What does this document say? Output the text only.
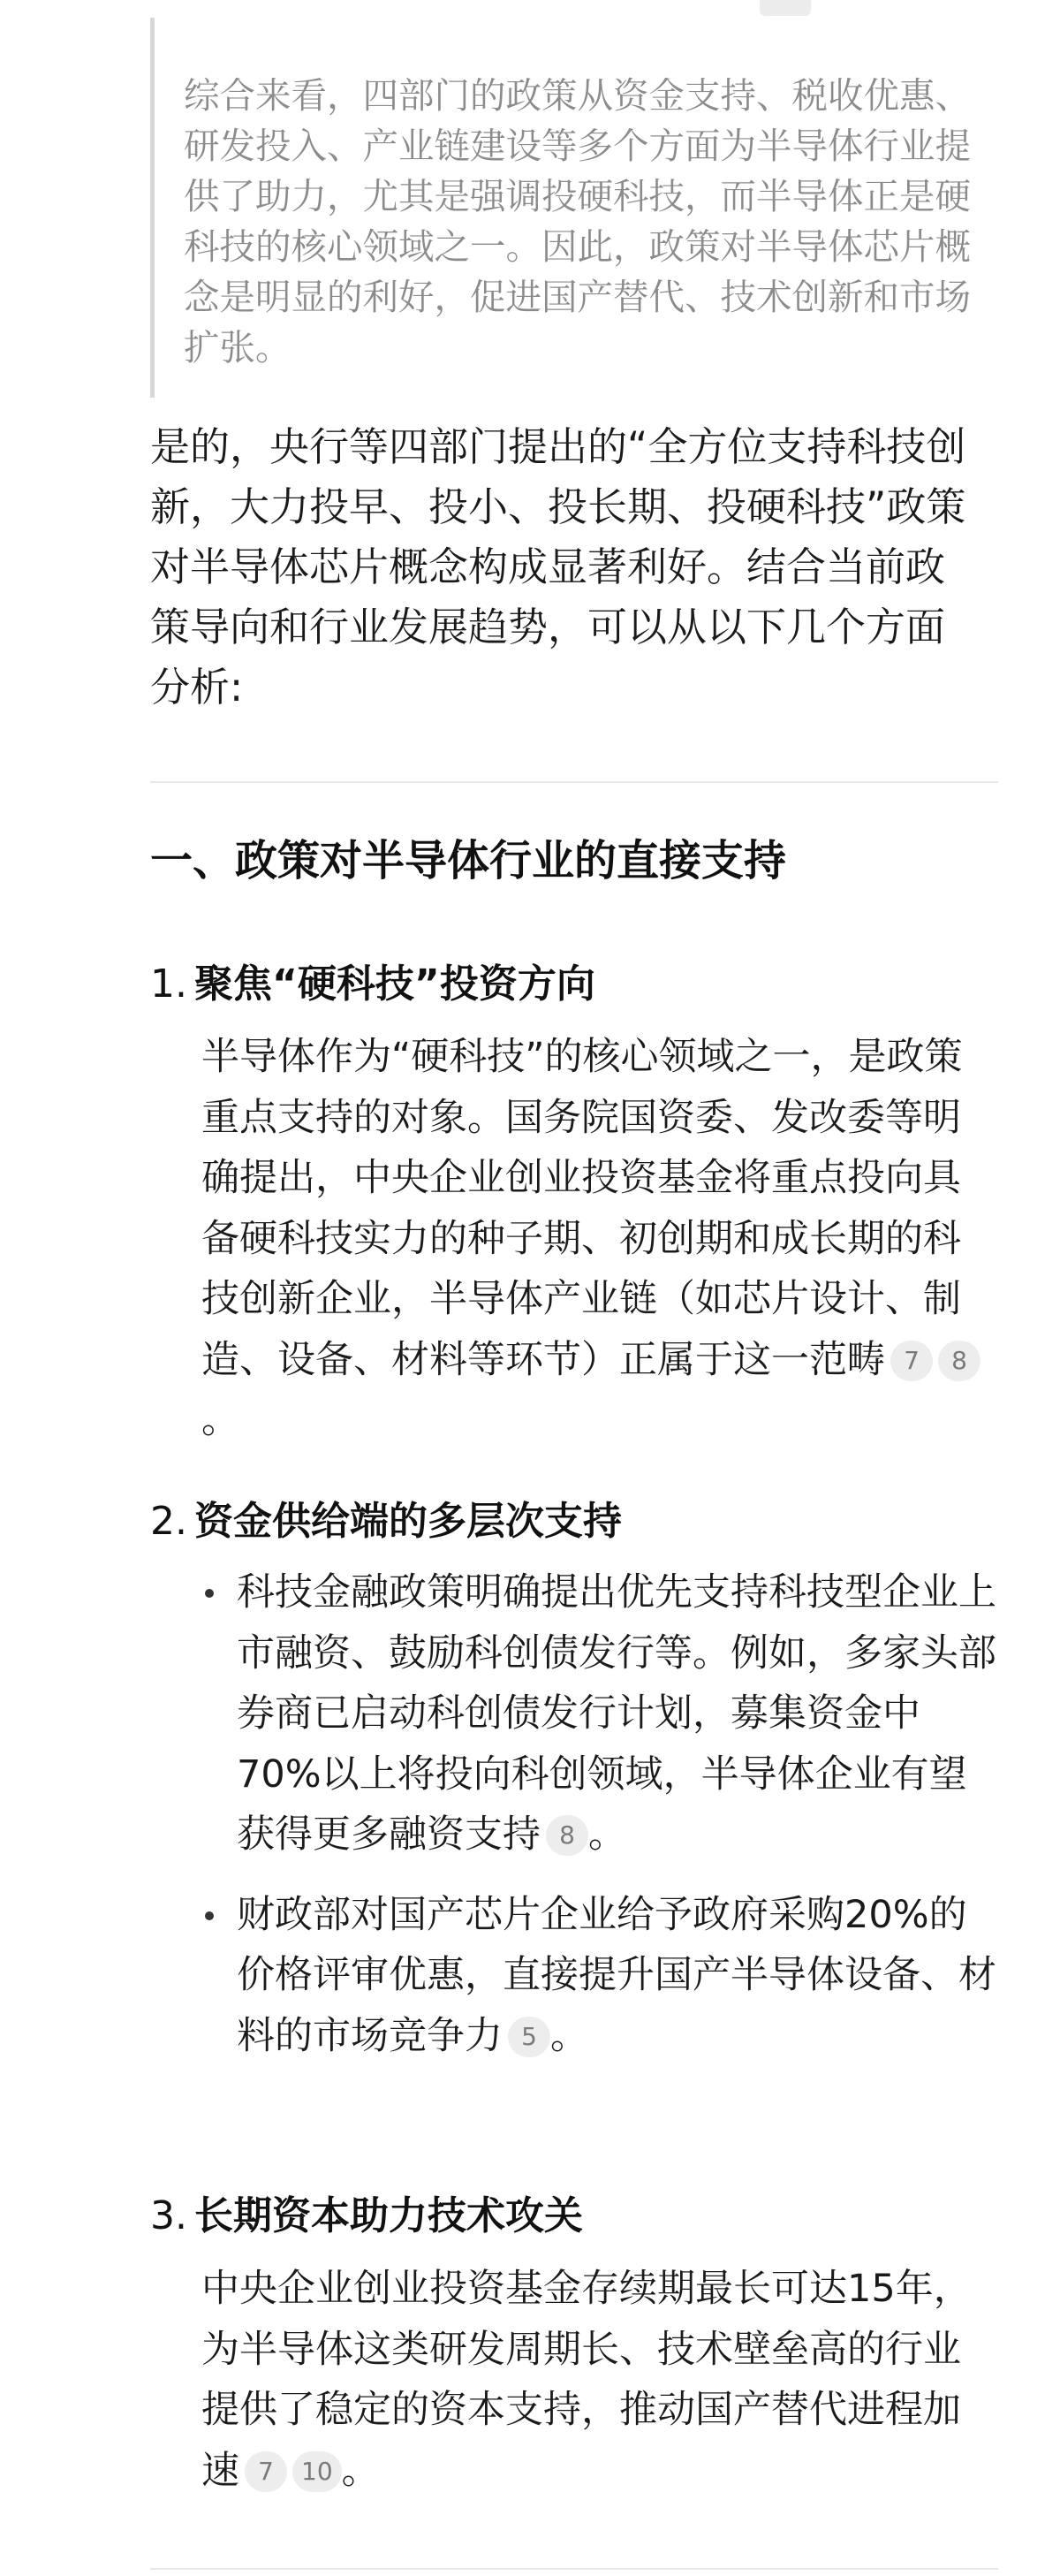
综合来看，四部门的政策从资金支持、税收优惠、研发投入、产业链建设等多个方面为半导体行业提供了助力，尤其是强调投硬科技，而半导体正是硬科技的核心领域之一。因此，政策对半导体芯片概念是明显的利好，促进国产替代、技术创新和市场扩张。

是的，央行等四部门提出的“全方位支持科技创新，大力投早、投小、投长期、投硬科技”政策对半导体芯片概念构成显著利好。结合当前政策导向和行业发展趋势，可以从以下几个方面分析:

一、政策对半导体行业的直接支持

1. 聚焦“硬科技”投资方向

半导体作为“硬科技”的核心领域之一，是政策重点支持的对象。国务院国资委、发改委等明确提出，中央企业创业投资基金将重点投向具备硬科技实力的种子期、初创期和成长期的科技创新企业，半导体产业链（如芯片设计、制造、设备、材料等环节）正属于这一范畴 7 8。

2. 资金供给端的多层次支持

科技金融政策明确提出优先支持科技型企业上市融资、鼓励科创债发行等。例如，多家头部券商已启动科创债发行计划，募集资金中70%以上将投向科创领域，半导体企业有望获得更多融资支持 8 。
财政部对国产芯片企业给予政府采购20%的价格评审优惠，直接提升国产半导体设备、材料的市场竞争力 5 。

3. 长期资本助力技术攻关

中央企业创业投资基金存续期最长可达15年，为半导体这类研发周期长、技术壁垒高的行业提供了稳定的资本支持，推动国产替代进程加速 7 10 。
